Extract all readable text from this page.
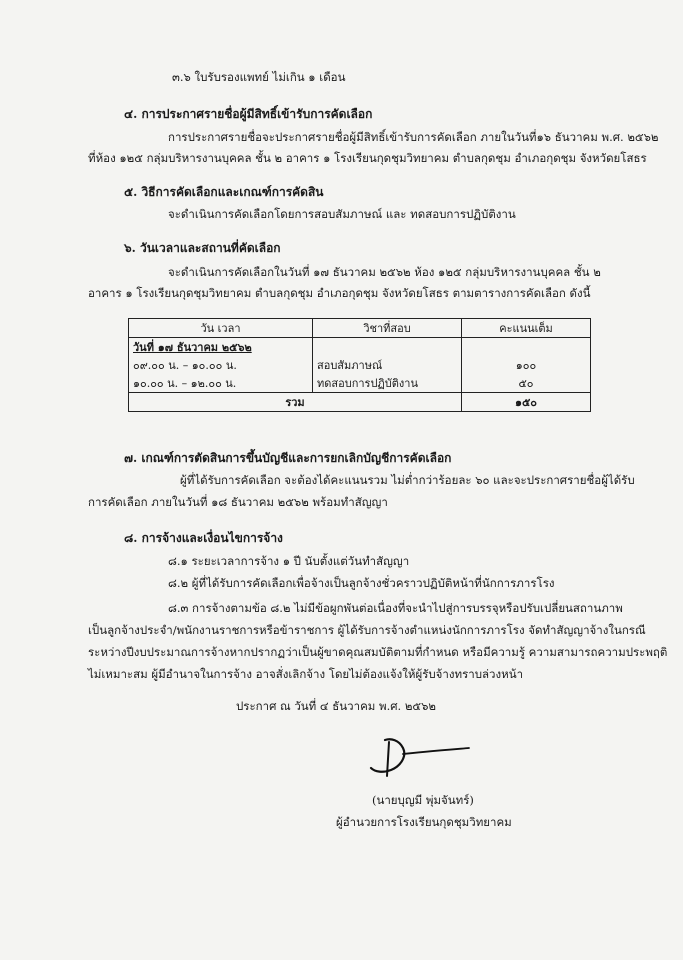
๓.๖ ใบรับรองแพทย์ ไม่เกิน ๑ เดือน
๔. การประกาศรายชื่อผู้มีสิทธิ์เข้ารับการคัดเลือก
การประกาศรายชื่อจะประกาศรายชื่อผู้มีสิทธิ์เข้ารับการคัดเลือก ภายในวันที่๑๖ ธันวาคม พ.ศ. ๒๕๖๒
ที่ห้อง ๑๒๕ กลุ่มบริหารงานบุคคล ชั้น ๒ อาคาร ๑ โรงเรียนกุดชุมวิทยาคม ตำบลกุดชุม อำเภอกุดชุม จังหวัดยโสธร
๕. วิธีการคัดเลือกและเกณฑ์การคัดสิน
จะดำเนินการคัดเลือกโดยการสอบสัมภาษณ์ และ ทดสอบการปฏิบัติงาน
๖. วันเวลาและสถานที่คัดเลือก
จะดำเนินการคัดเลือกในวันที่ ๑๗ ธันวาคม ๒๕๖๒ ห้อง ๑๒๕ กลุ่มบริหารงานบุคคล ชั้น ๒
อาคาร ๑ โรงเรียนกุดชุมวิทยาคม ตำบลกุดชุม อำเภอกุดชุม จังหวัดยโสธร ตามตารางการคัดเลือก ดังนี้
วัน เวลา	วิชาที่สอบ	คะแนนเต็ม
วันที่ ๑๗ ธันวาคม ๒๕๖๒		
๐๙.๐๐ น. – ๑๐.๐๐ น.	สอบสัมภาษณ์	๑๐๐
๑๐.๐๐ น. – ๑๒.๐๐ น.	ทดสอบการปฏิบัติงาน	๕๐
รวม		๑๕๐
๗. เกณฑ์การตัดสินการขึ้นบัญชีและการยกเลิกบัญชีการคัดเลือก
ผู้ที่ได้รับการคัดเลือก จะต้องได้คะแนนรวม ไม่ต่ำกว่าร้อยละ ๖๐ และจะประกาศรายชื่อผู้ได้รับ
การคัดเลือก ภายในวันที่ ๑๘ ธันวาคม ๒๕๖๒ พร้อมทำสัญญา
๘. การจ้างและเงื่อนไขการจ้าง
๘.๑ ระยะเวลาการจ้าง ๑ ปี นับตั้งแต่วันทำสัญญา
๘.๒ ผู้ที่ได้รับการคัดเลือกเพื่อจ้างเป็นลูกจ้างชั่วคราวปฏิบัติหน้าที่นักการภารโรง
๘.๓ การจ้างตามข้อ ๘.๒ ไม่มีข้อผูกพันต่อเนื่องที่จะนำไปสู่การบรรจุหรือปรับเปลี่ยนสถานภาพ
เป็นลูกจ้างประจำ/พนักงานราชการหรือข้าราชการ ผู้ได้รับการจ้างตำแหน่งนักการภารโรง จัดทำสัญญาจ้างในกรณี
ระหว่างปีงบประมาณการจ้างหากปรากฏว่าเป็นผู้ขาดคุณสมบัติตามที่กำหนด หรือมีความรู้ ความสามารถความประพฤติ
ไม่เหมาะสม ผู้มีอำนาจในการจ้าง อาจสั่งเลิกจ้าง โดยไม่ต้องแจ้งให้ผู้รับจ้างทราบล่วงหน้า
ประกาศ ณ วันที่ ๔ ธันวาคม พ.ศ. ๒๕๖๒
(นายบุญมี พุ่มจันทร์)
ผู้อำนวยการโรงเรียนกุดชุมวิทยาคม
